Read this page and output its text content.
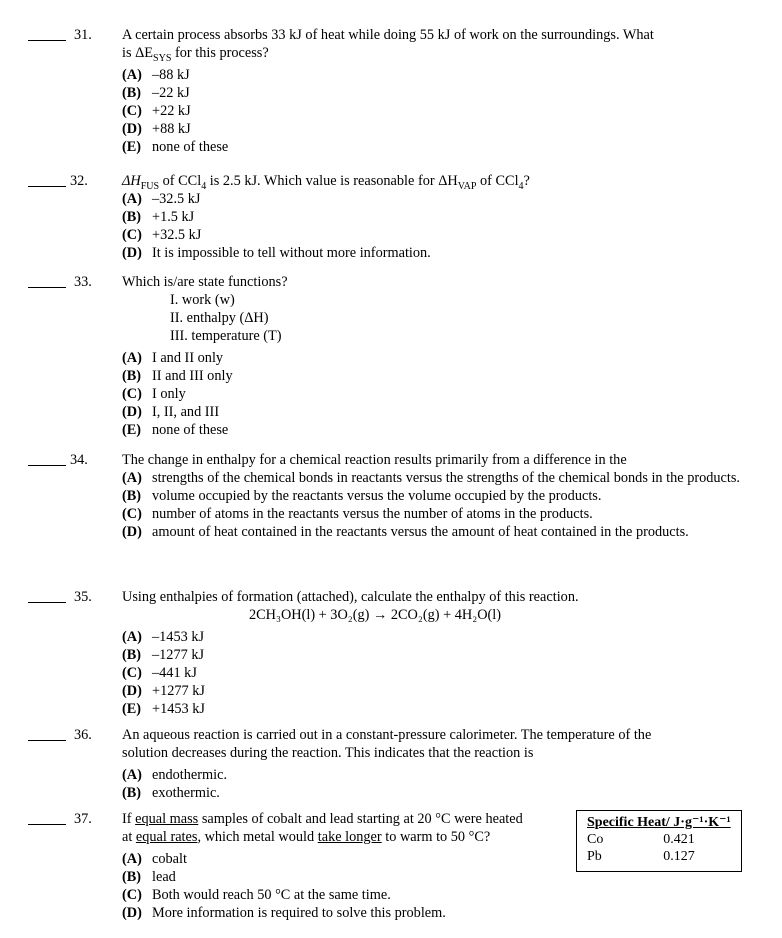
31. A certain process absorbs 33 kJ of heat while doing 55 kJ of work on the surroundings. What
is $\Delta E_{SYS}$ for this process?
(A) –88 kJ
(B) –22 kJ
(C) +22 kJ
(D) +88 kJ
(E) none of these
32. $\Delta H_{FUS}$ of CCl$_4$ is 2.5 kJ. Which value is reasonable for $\Delta H_{VAP}$ of CCl$_4$?
(A) –32.5 kJ
(B) +1.5 kJ
(C) +32.5 kJ
(D) It is impossible to tell without more information.
33. Which is/are state functions?
I. work (w)
II. enthalpy (ΔH)
III. temperature (T)
(A) I and II only
(B) II and III only
(C) I only
(D) I, II, and III
(E) none of these
34. The change in enthalpy for a chemical reaction results primarily from a difference in the
(A) strengths of the chemical bonds in reactants versus the strengths of the chemical bonds in the products.
(B) volume occupied by the reactants versus the volume occupied by the products.
(C) number of atoms in the reactants versus the number of atoms in the products.
(D) amount of heat contained in the reactants versus the amount of heat contained in the products.
35. Using enthalpies of formation (attached), calculate the enthalpy of this reaction.
2CH₃OH(l) + 3O₂(g) → 2CO₂(g) + 4H₂O(l)
(A) –1453 kJ
(B) –1277 kJ
(C) –441 kJ
(D) +1277 kJ
(E) +1453 kJ
36. An aqueous reaction is carried out in a constant-pressure calorimeter. The temperature of the
solution decreases during the reaction. This indicates that the reaction is
(A) endothermic.
(B) exothermic.
37. If equal mass samples of cobalt and lead starting at 20 °C were heated
at equal rates, which metal would take longer to warm to 50 °C?
(A) cobalt
(B) lead
(C) Both would reach 50 °C at the same time.
(D) More information is required to solve this problem.
Specific Heat/ J·g⁻¹·K⁻¹	
Co	0.421
Pb	0.127
